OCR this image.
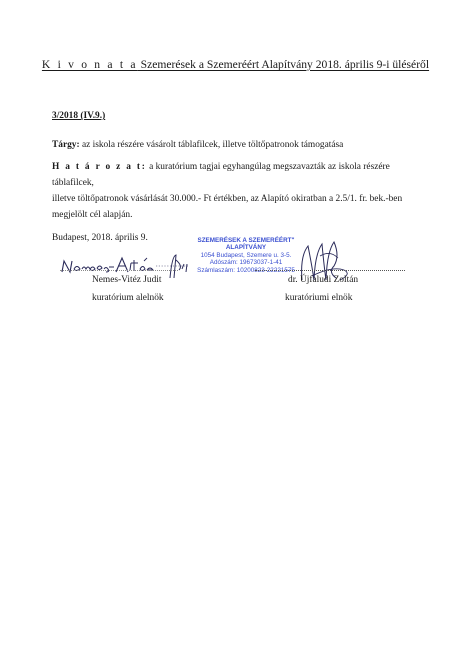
K i v o n a t a Szemerések a Szemeréért Alapítvány 2018. április 9-i üléséről
3/2018 (IV.9.)
Tárgy: az iskola részére vásárolt táblafilcek, illetve töltőpatronok támogatása
H a t á r o z a t: a kuratórium tagjai egyhangúlag megszavazták az iskola részére táblafilcek,
illetve töltőpatronok vásárlását 30.000.- Ft értékben, az Alapító okiratban a 2.5/1. fr. bek.-ben
megjelölt cél alapján.
Budapest, 2018. április 9.	SZEMERÉSEK A SZEMERÉÉRT"
ALAPÍTVÁNY
1054 Budapest, Szemere u. 3-5.
Adószám: 19673037-1-41
Számlaszám: 10200823-22221575
Nemes-Vitéz Judit
kuratórium alelnök
dr. Újfaludi Zoltán
kuratóriumi elnök
